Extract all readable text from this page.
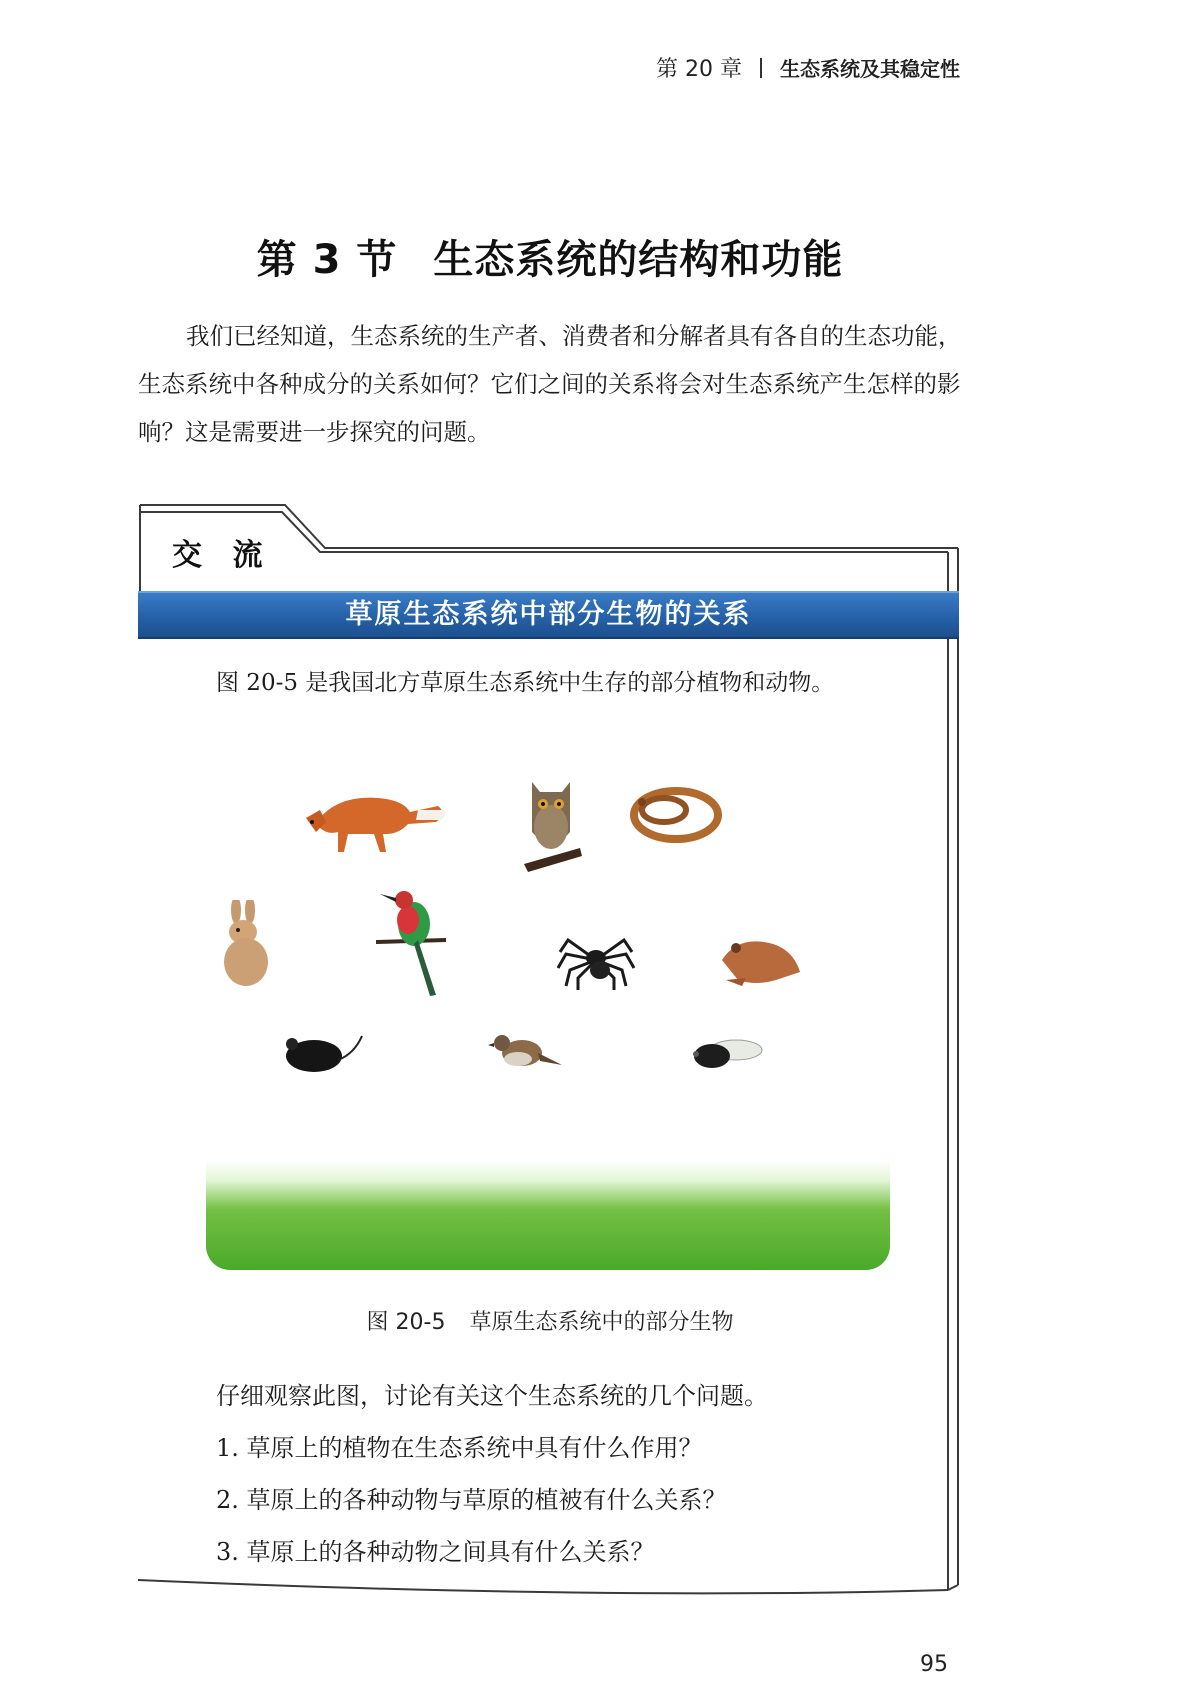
第 20 章 生态系统及其稳定性
第 3 节 生态系统的结构和功能
我们已经知道，生态系统的生产者、消费者和分解者具有各自的生态功能，生态系统中各种成分的关系如何？它们之间的关系将会对生态系统产生怎样的影响？这是需要进一步探究的问题。
交 流
草原生态系统中部分生物的关系
图 20-5 是我国北方草原生态系统中生存的部分植物和动物。
图 20-5 草原生态系统中的部分生物
仔细观察此图，讨论有关这个生态系统的几个问题。
1. 草原上的植物在生态系统中具有什么作用？
2. 草原上的各种动物与草原的植被有什么关系？
3. 草原上的各种动物之间具有什么关系？
95
